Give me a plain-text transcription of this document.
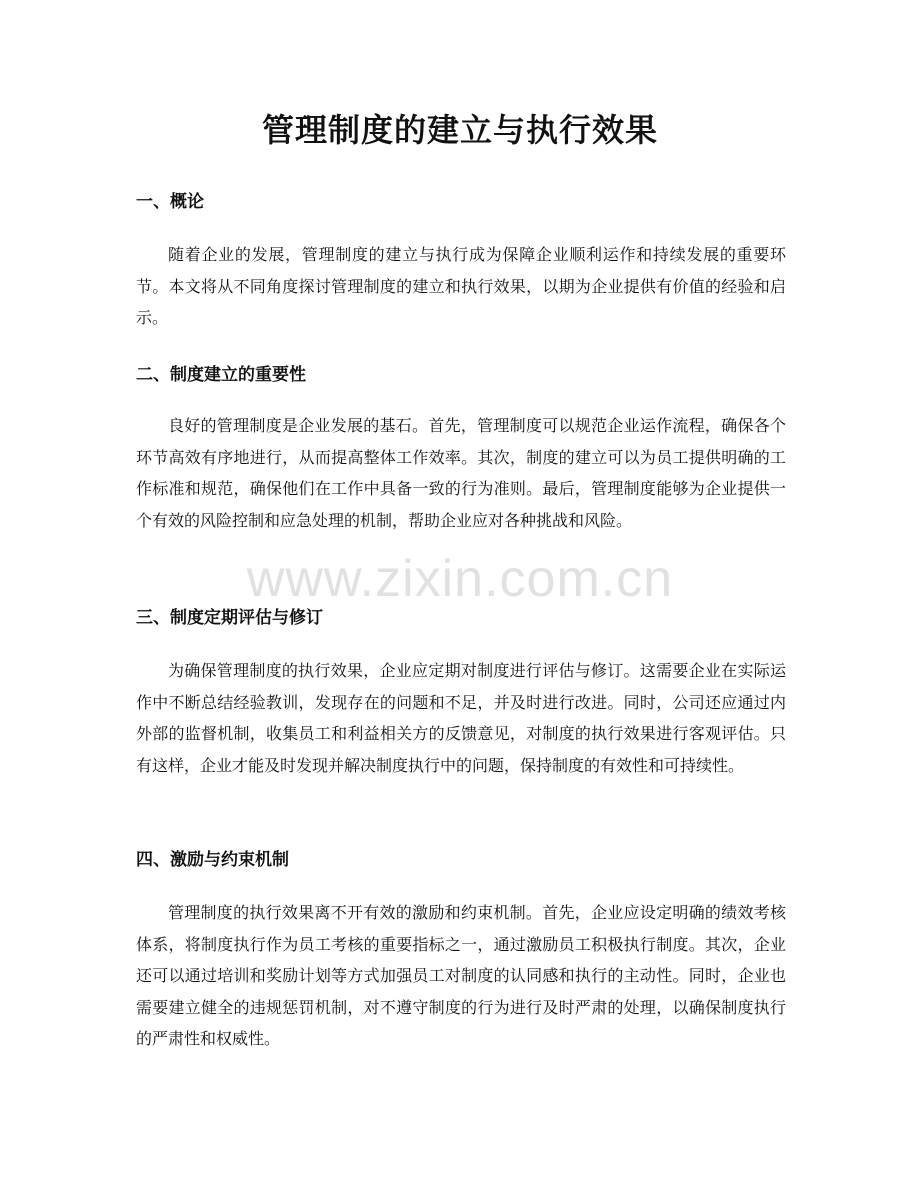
管理制度的建立与执行效果
一、概论

随着企业的发展，管理制度的建立与执行成为保障企业顺利运作和持续发展的重要环节。本文将从不同角度探讨管理制度的建立和执行效果，以期为企业提供有价值的经验和启示。

二、制度建立的重要性

良好的管理制度是企业发展的基石。首先，管理制度可以规范企业运作流程，确保各个环节高效有序地进行，从而提高整体工作效率。其次，制度的建立可以为员工提供明确的工作标准和规范，确保他们在工作中具备一致的行为准则。最后，管理制度能够为企业提供一个有效的风险控制和应急处理的机制，帮助企业应对各种挑战和风险。

三、制度定期评估与修订

为确保管理制度的执行效果，企业应定期对制度进行评估与修订。这需要企业在实际运作中不断总结经验教训，发现存在的问题和不足，并及时进行改进。同时，公司还应通过内外部的监督机制，收集员工和利益相关方的反馈意见，对制度的执行效果进行客观评估。只有这样，企业才能及时发现并解决制度执行中的问题，保持制度的有效性和可持续性。

四、激励与约束机制

管理制度的执行效果离不开有效的激励和约束机制。首先，企业应设定明确的绩效考核体系，将制度执行作为员工考核的重要指标之一，通过激励员工积极执行制度。其次，企业还可以通过培训和奖励计划等方式加强员工对制度的认同感和执行的主动性。同时，企业也需要建立健全的违规惩罚机制，对不遵守制度的行为进行及时严肃的处理，以确保制度执行的严肃性和权威性。

www.zixin.com.cn
